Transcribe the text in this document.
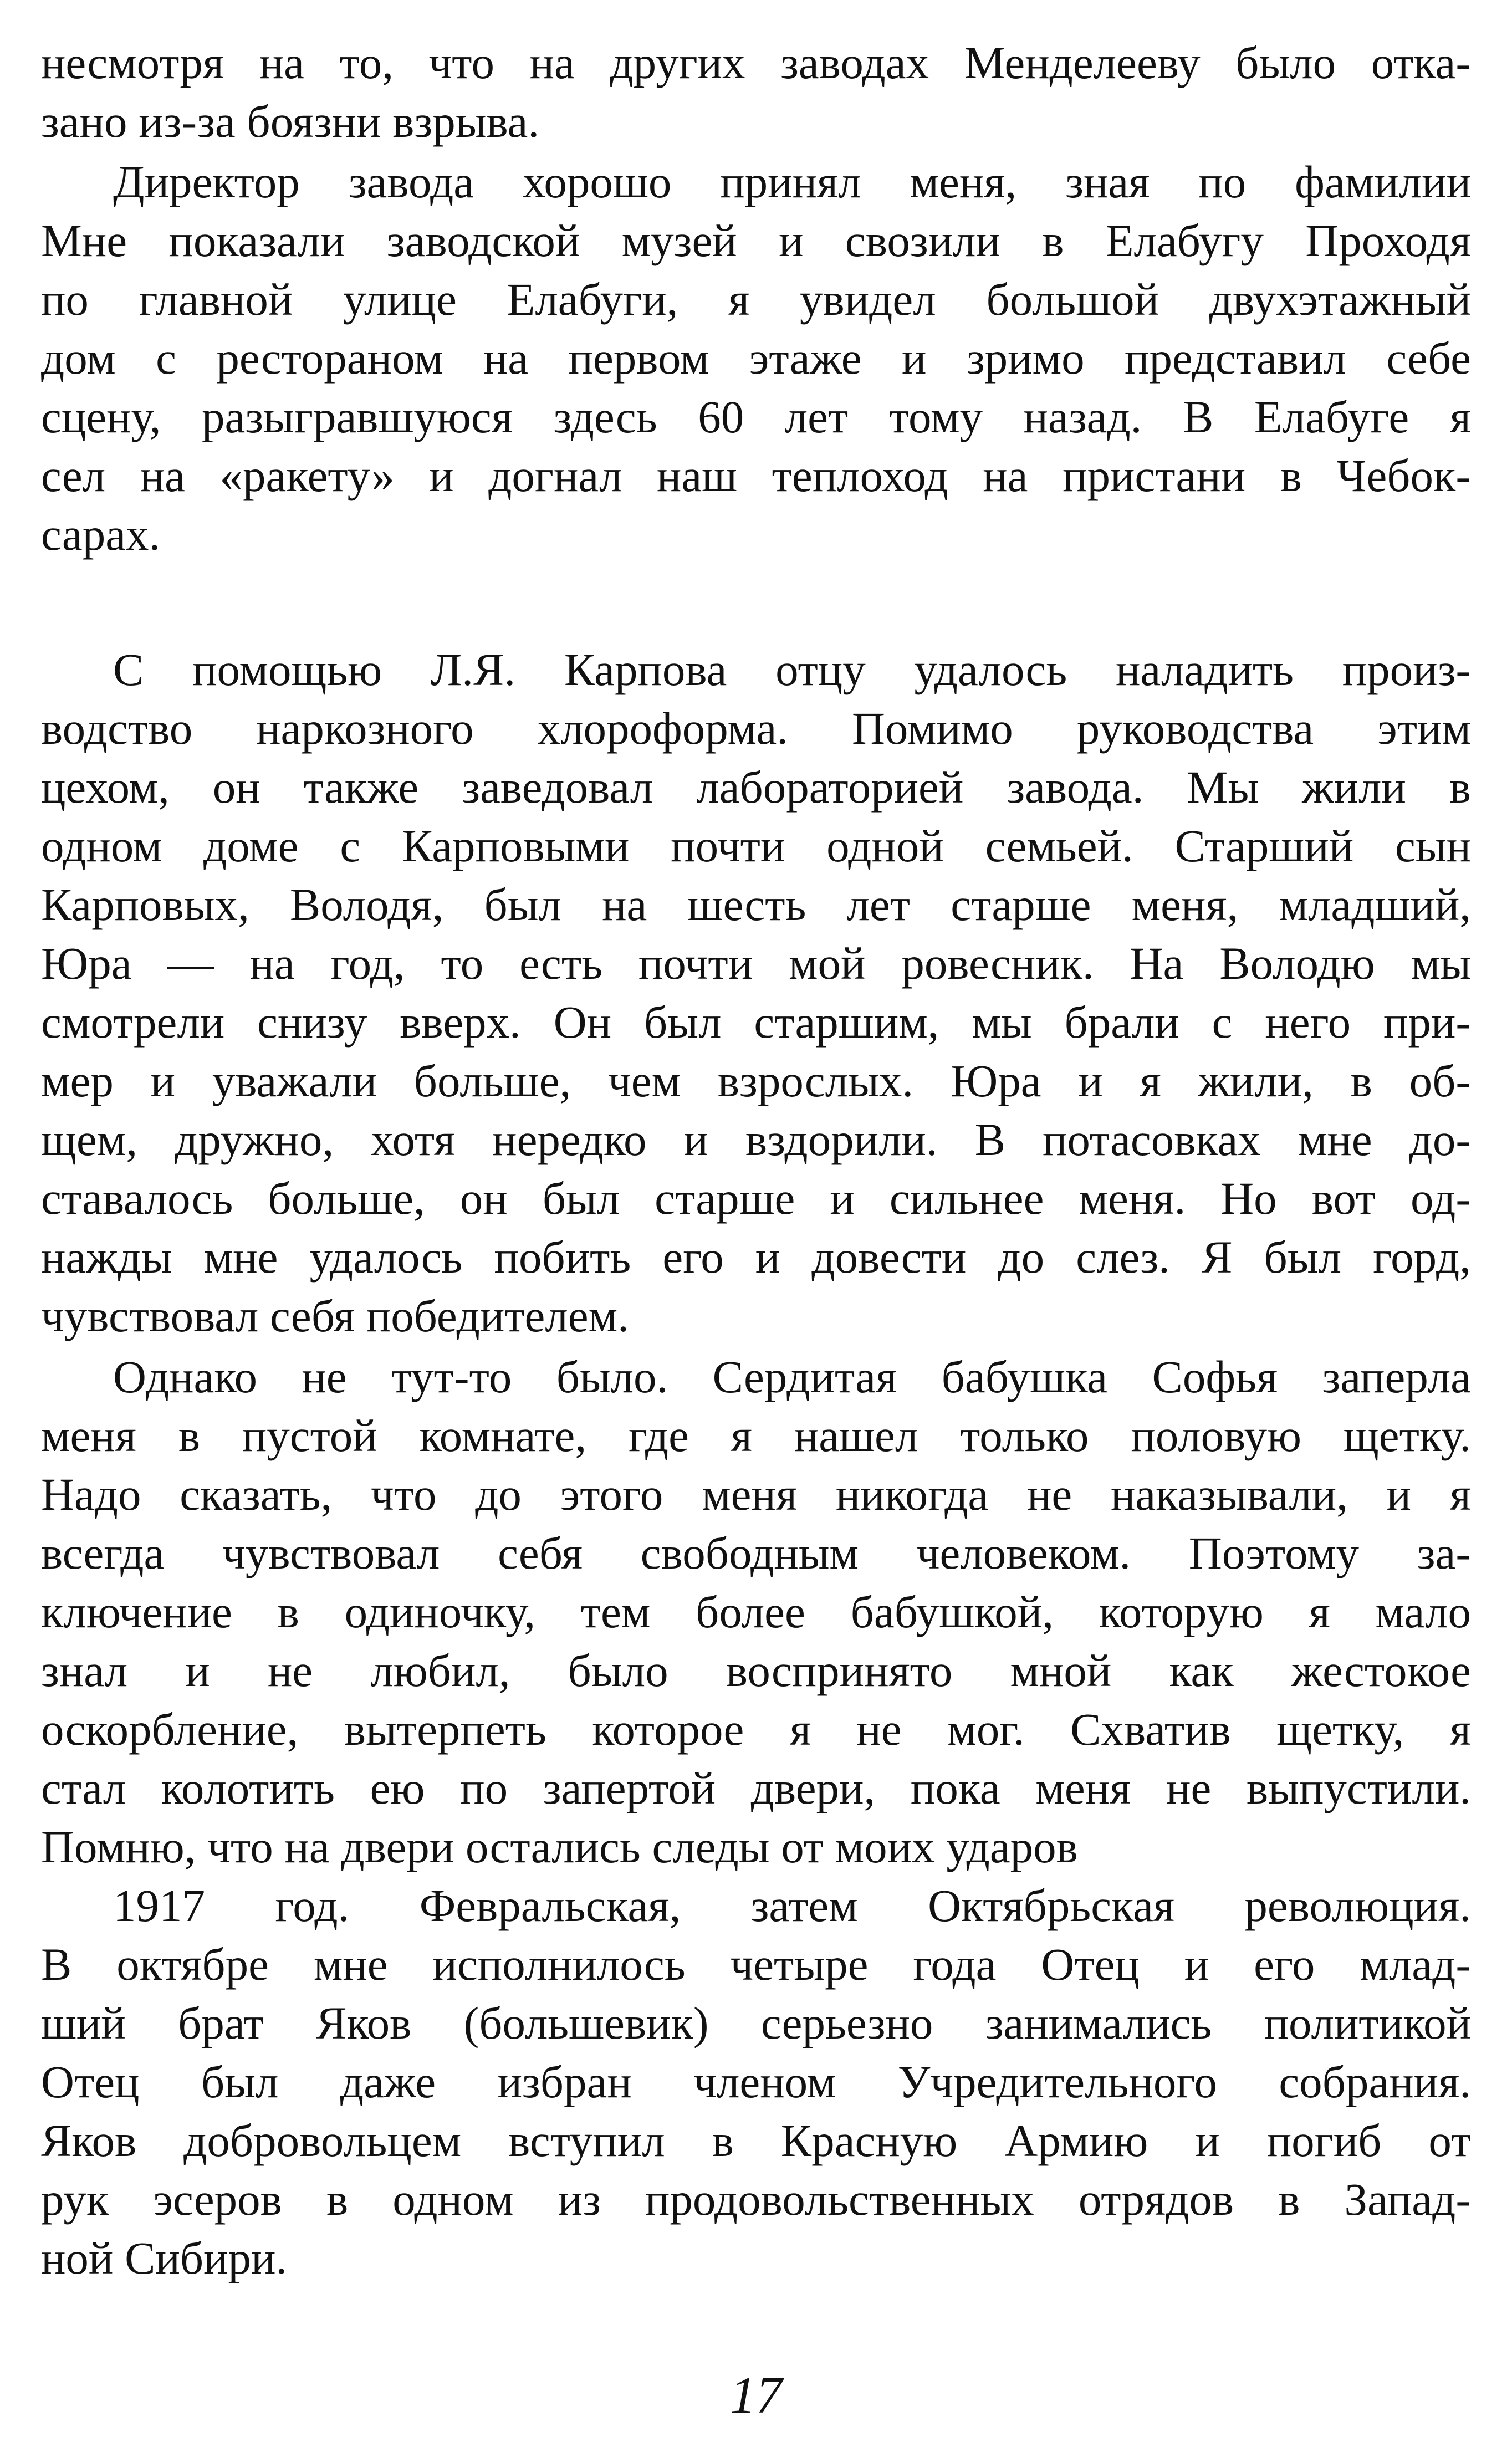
несмотря на то, что на других заводах Менделееву было отка-
зано из-за боязни взрыва.
Директор завода хорошо принял меня, зная по фамилии
Мне показали заводской музей и свозили в Елабугу Проходя
по главной улице Елабуги, я увидел большой двухэтажный
дом с рестораном на первом этаже и зримо представил себе
сцену, разыгравшуюся здесь 60 лет тому назад. В Елабуге я
сел на «ракету» и догнал наш теплоход на пристани в Чебок-
сарах.
С помощью Л.Я. Карпова отцу удалось наладить произ-
водство наркозного хлороформа. Помимо руководства этим
цехом, он также заведовал лабораторией завода. Мы жили в
одном доме с Карповыми почти одной семьей. Старший сын
Карповых, Володя, был на шесть лет старше меня, младший,
Юра — на год, то есть почти мой ровесник. На Володю мы
смотрели снизу вверх. Он был старшим, мы брали с него при-
мер и уважали больше, чем взрослых. Юра и я жили, в об-
щем, дружно, хотя нередко и вздорили. В потасовках мне до-
ставалось больше, он был старше и сильнее меня. Но вот од-
нажды мне удалось побить его и довести до слез. Я был горд,
чувствовал себя победителем.
Однако не тут-то было. Сердитая бабушка Софья заперла
меня в пустой комнате, где я нашел только половую щетку.
Надо сказать, что до этого меня никогда не наказывали, и я
всегда чувствовал себя свободным человеком. Поэтому за-
ключение в одиночку, тем более бабушкой, которую я мало
знал и не любил, было воспринято мной как жестокое
оскорбление, вытерпеть которое я не мог. Схватив щетку, я
стал колотить ею по запертой двери, пока меня не выпустили.
Помню, что на двери остались следы от моих ударов
1917 год. Февральская, затем Октябрьская революция.
В октябре мне исполнилось четыре года Отец и его млад-
ший брат Яков (большевик) серьезно занимались политикой
Отец был даже избран членом Учредительного собрания.
Яков добровольцем вступил в Красную Армию и погиб от
рук эсеров в одном из продовольственных отрядов в Запад-
ной Сибири.
17
